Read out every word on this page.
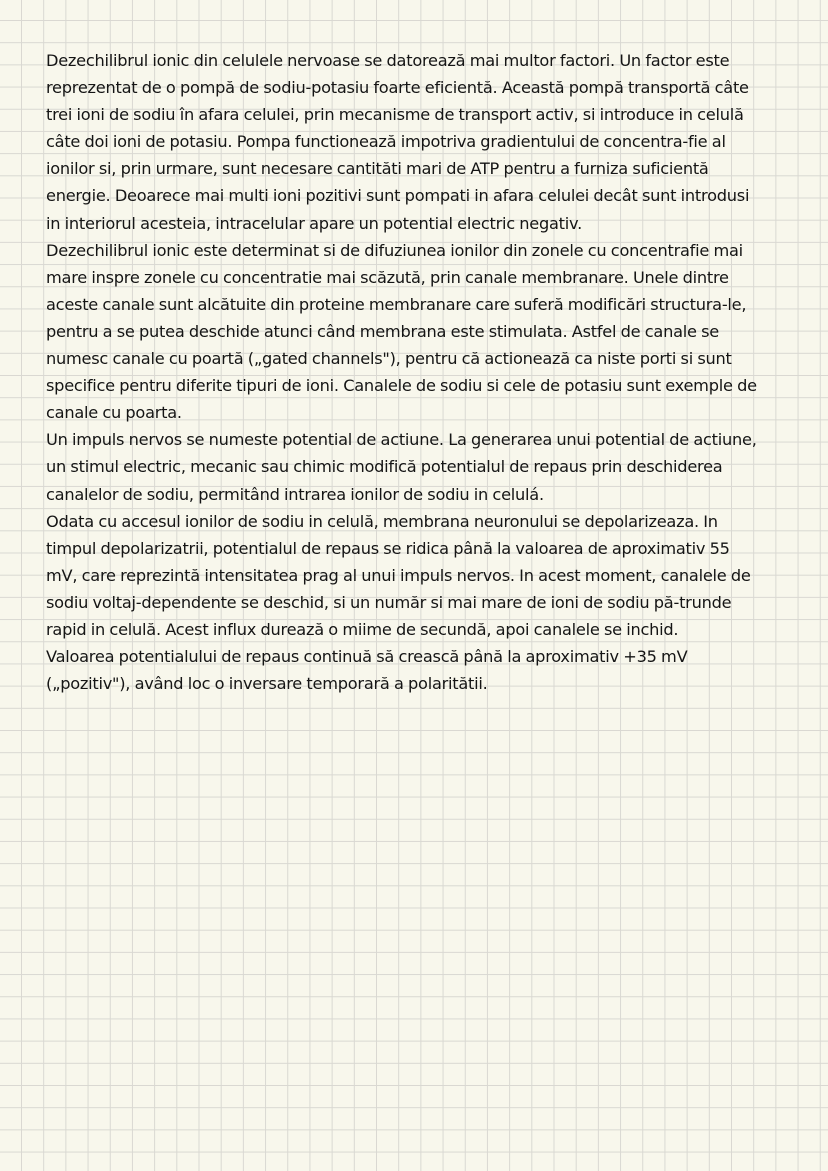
Dezechilibrul ionic din celulele nervoase se datorează mai multor factori. Un factor este
reprezentat de o pompă de sodiu-potasiu foarte eficientă. Această pompă transportă câte
trei ioni de sodiu în afara celulei, prin mecanisme de transport activ, si introduce in celulă
câte doi ioni de potasiu. Pompa functionează impotriva gradientului de concentra-fie al
ionilor si, prin urmare, sunt necesare cantităti mari de ATP pentru a furniza suficientă
energie. Deoarece mai multi ioni pozitivi sunt pompati in afara celulei decât sunt introdusi
in interiorul acesteia, intracelular apare un potential electric negativ.
Dezechilibrul ionic este determinat si de difuziunea ionilor din zonele cu concentrafie mai
mare inspre zonele cu concentratie mai scăzută, prin canale membranare. Unele dintre
aceste canale sunt alcătuite din proteine membranare care suferă modificări structura-le,
pentru a se putea deschide atunci când membrana este stimulata. Astfel de canale se
numesc canale cu poartă („gated channels"), pentru că actionează ca niste porti si sunt
specifice pentru diferite tipuri de ioni. Canalele de sodiu si cele de potasiu sunt exemple de
canale cu poarta.
Un impuls nervos se numeste potential de actiune. La generarea unui potential de actiune,
un stimul electric, mecanic sau chimic modifică potentialul de repaus prin deschiderea
canalelor de sodiu, permitând intrarea ionilor de sodiu in celulá.
Odata cu accesul ionilor de sodiu in celulă, membrana neuronului se depolarizeaza. In
timpul depolarizatrii, potentialul de repaus se ridica până la valoarea de aproximativ 55
mV, care reprezintă intensitatea prag al unui impuls nervos. In acest moment, canalele de
sodiu voltaj-dependente se deschid, si un număr si mai mare de ioni de sodiu pă-trunde
rapid in celulă. Acest influx durează o miime de secundă, apoi canalele se inchid.
Valoarea potentialului de repaus continuă să crească până la aproximativ +35 mV
(„pozitiv"), având loc o inversare temporară a polaritătii.
